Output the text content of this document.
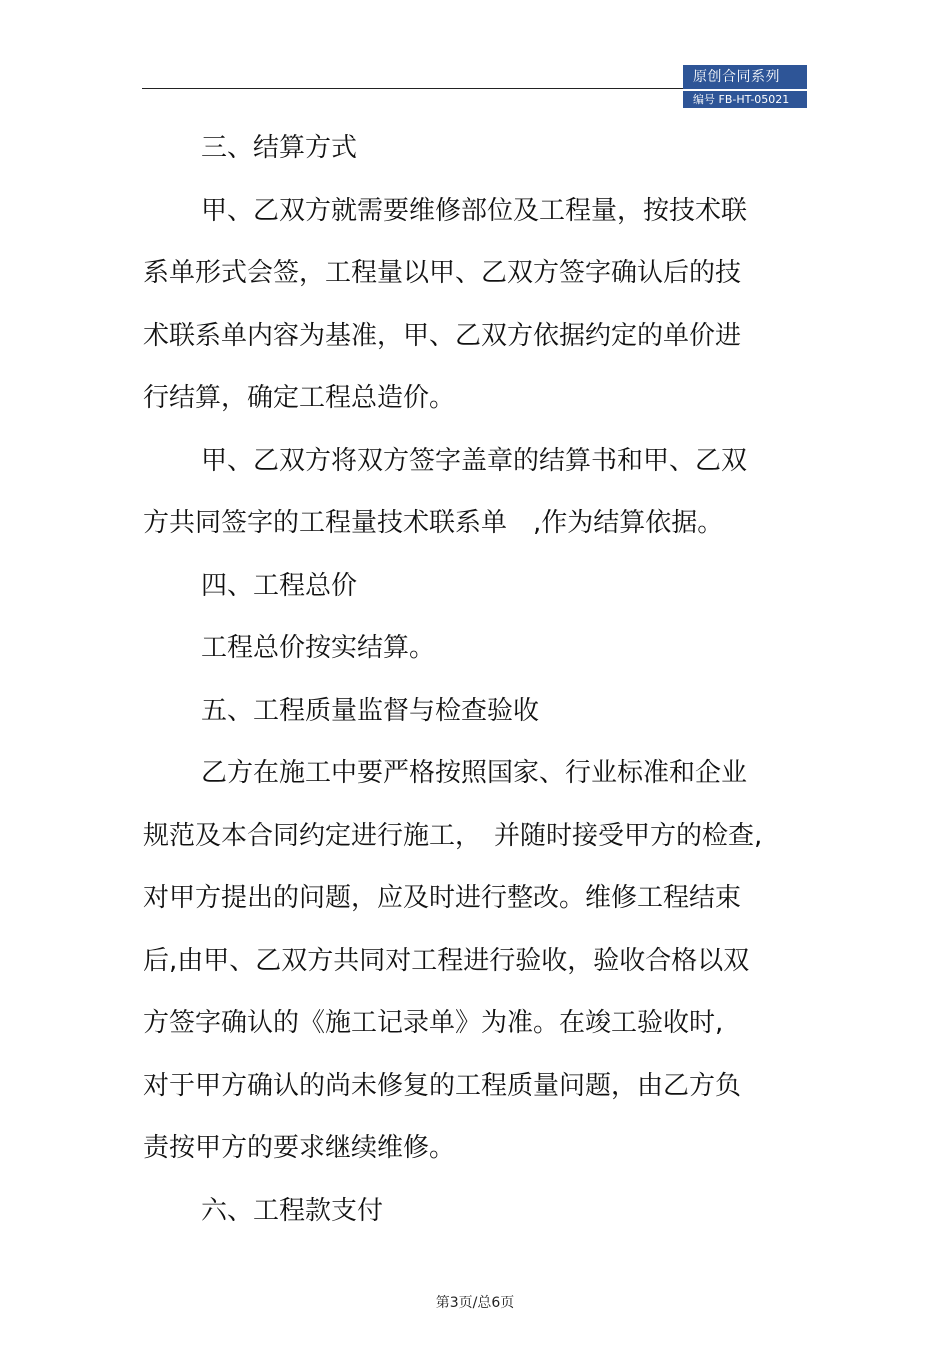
原创合同系列
编号 FB-HT-05021
三、结算方式
甲、乙双方就需要维修部位及工程量，按技术联
系单形式会签，工程量以甲、乙双方签字确认后的技
术联系单内容为基准，甲、乙双方依据约定的单价进
行结算，确定工程总造价。
甲、乙双方将双方签字盖章的结算书和甲、乙双
方共同签字的工程量技术联系单　,作为结算依据。
四、工程总价
工程总价按实结算。
五、工程质量监督与检查验收
乙方在施工中要严格按照国家、行业标准和企业
规范及本合同约定进行施工，　并随时接受甲方的检查,
对甲方提出的问题，应及时进行整改。维修工程结束
后,由甲、乙双方共同对工程进行验收，验收合格以双
方签字确认的《施工记录单》为准。在竣工验收时,
对于甲方确认的尚未修复的工程质量问题，由乙方负
责按甲方的要求继续维修。
六、工程款支付
第3页/总6页
